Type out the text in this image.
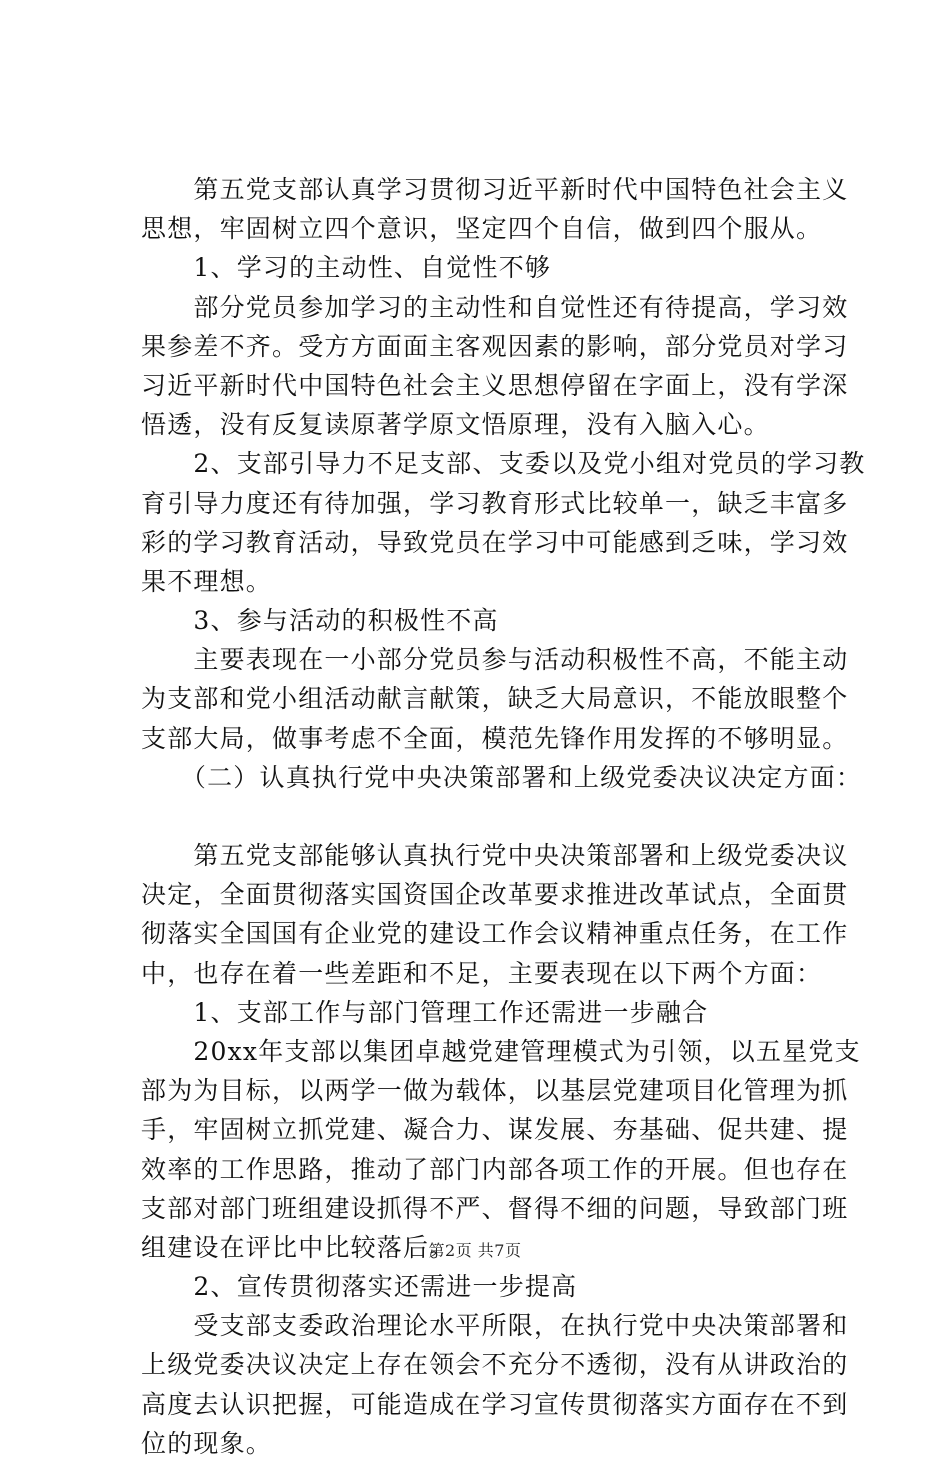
　　第五党支部认真学习贯彻习近平新时代中国特色社会主义
思想，牢固树立四个意识，坚定四个自信，做到四个服从。
　　1、学习的主动性、自觉性不够
　　部分党员参加学习的主动性和自觉性还有待提高，学习效
果参差不齐。受方方面面主客观因素的影响，部分党员对学习
习近平新时代中国特色社会主义思想停留在字面上，没有学深
悟透，没有反复读原著学原文悟原理，没有入脑入心。
　　2、支部引导力不足支部、支委以及党小组对党员的学习教
育引导力度还有待加强，学习教育形式比较单一，缺乏丰富多
彩的学习教育活动，导致党员在学习中可能感到乏味，学习效
果不理想。
　　3、参与活动的积极性不高
　　主要表现在一小部分党员参与活动积极性不高，不能主动
为支部和党小组活动献言献策，缺乏大局意识，不能放眼整个
支部大局，做事考虑不全面，模范先锋作用发挥的不够明显。
　　（二）认真执行党中央决策部署和上级党委决议决定方面：
　　第五党支部能够认真执行党中央决策部署和上级党委决议
决定，全面贯彻落实国资国企改革要求推进改革试点，全面贯
彻落实全国国有企业党的建设工作会议精神重点任务，在工作
中，也存在着一些差距和不足，主要表现在以下两个方面：
　　1、支部工作与部门管理工作还需进一步融合
　　20xx年支部以集团卓越党建管理模式为引领，以五星党支
部为为目标，以两学一做为载体，以基层党建项目化管理为抓
手，牢固树立抓党建、凝合力、谋发展、夯基础、促共建、提
效率的工作思路，推动了部门内部各项工作的开展。但也存在
支部对部门班组建设抓得不严、督得不细的问题，导致部门班
组建设在评比中比较落后。
　　2、宣传贯彻落实还需进一步提高
　　受支部支委政治理论水平所限，在执行党中央决策部署和
上级党委决议决定上存在领会不充分不透彻，没有从讲政治的
高度去认识把握，可能造成在学习宣传贯彻落实方面存在不到
位的现象。
第2页 共7页
